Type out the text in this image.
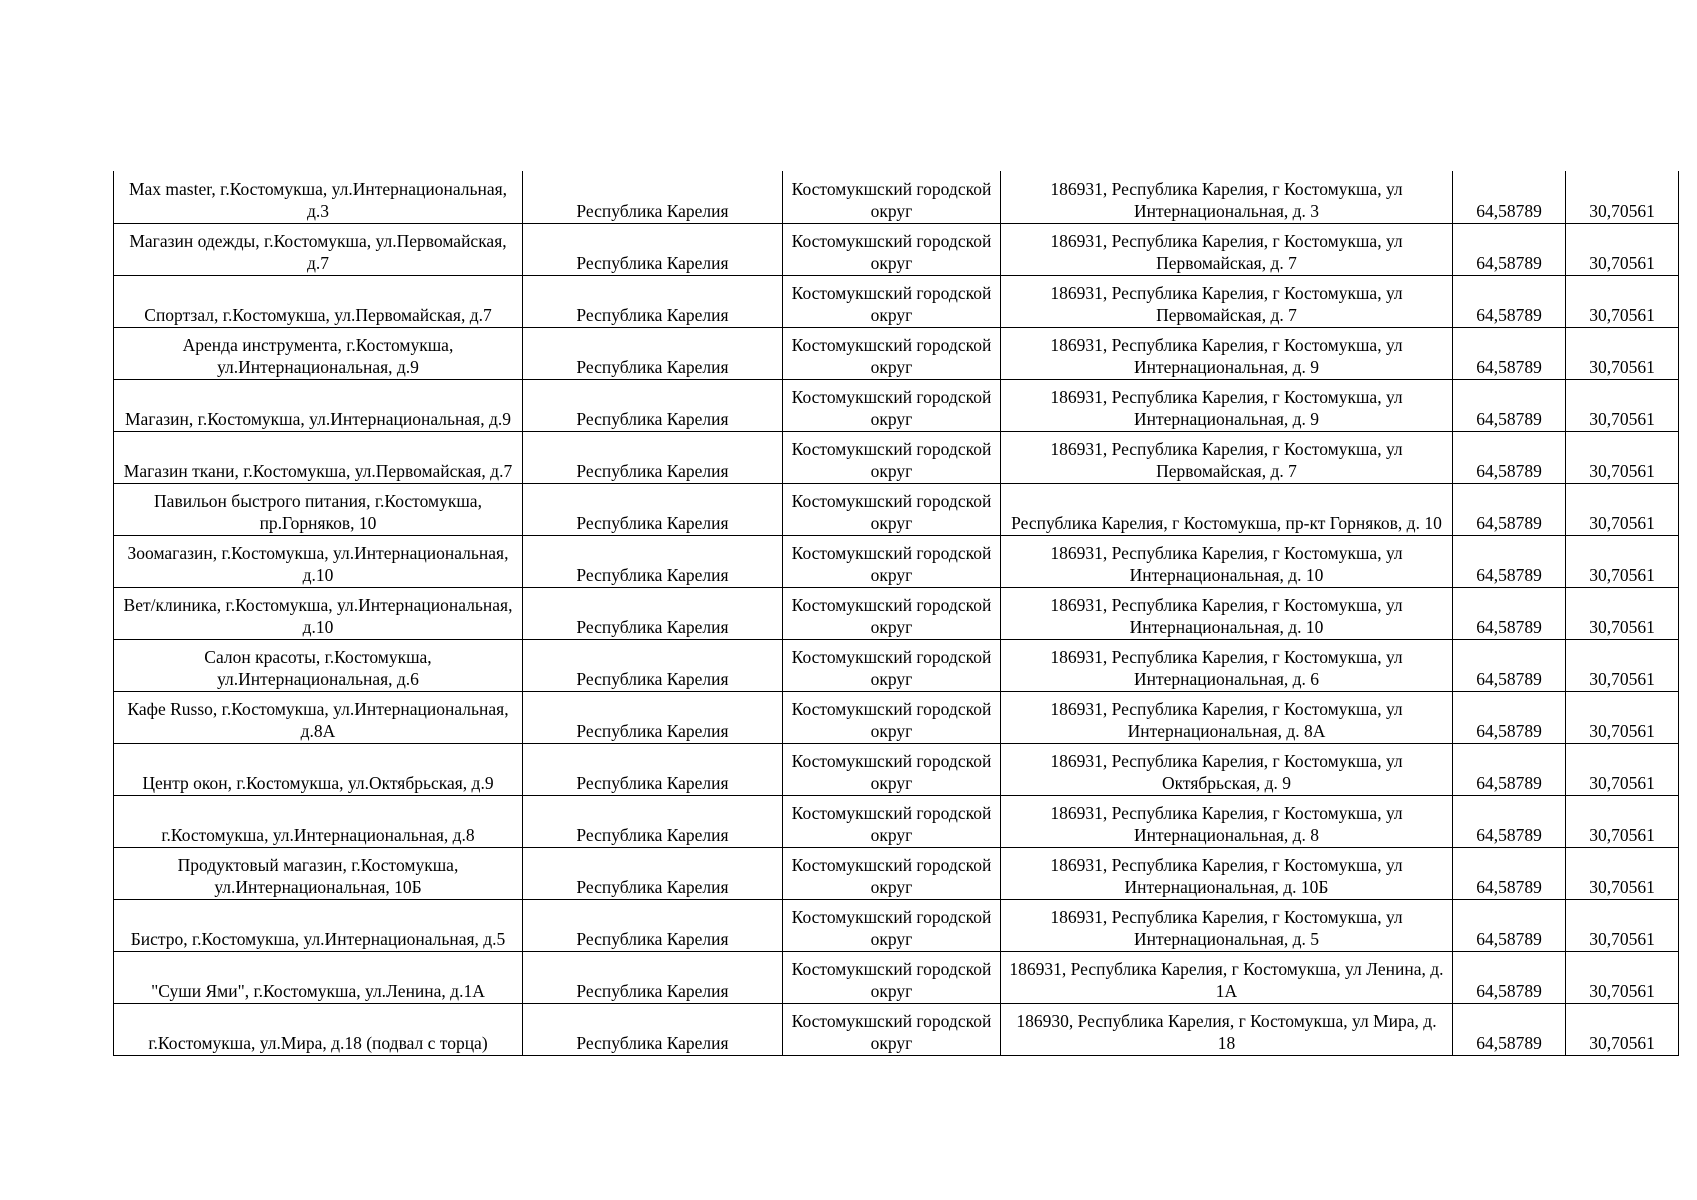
Max master, г.Костомукша, ул.Интернациональная, д.3	Республика Карелия	Костомукшский городской округ	186931, Республика Карелия, г Костомукша, ул Интернациональная, д. 3	64,58789	30,70561
Магазин одежды, г.Костомукша, ул.Первомайская, д.7	Республика Карелия	Костомукшский городской округ	186931, Республика Карелия, г Костомукша, ул Первомайская, д. 7	64,58789	30,70561
Спортзал, г.Костомукша, ул.Первомайская, д.7	Республика Карелия	Костомукшский городской округ	186931, Республика Карелия, г Костомукша, ул Первомайская, д. 7	64,58789	30,70561
Аренда инструмента, г.Костомукша, ул.Интернациональная, д.9	Республика Карелия	Костомукшский городской округ	186931, Республика Карелия, г Костомукша, ул Интернациональная, д. 9	64,58789	30,70561
Магазин, г.Костомукша, ул.Интернациональная, д.9	Республика Карелия	Костомукшский городской округ	186931, Республика Карелия, г Костомукша, ул Интернациональная, д. 9	64,58789	30,70561
Магазин ткани, г.Костомукша, ул.Первомайская, д.7	Республика Карелия	Костомукшский городской округ	186931, Республика Карелия, г Костомукша, ул Первомайская, д. 7	64,58789	30,70561
Павильон быстрого питания, г.Костомукша, пр.Горняков, 10	Республика Карелия	Костомукшский городской округ	Республика Карелия, г Костомукша, пр-кт Горняков, д. 10	64,58789	30,70561
Зоомагазин, г.Костомукша, ул.Интернациональная, д.10	Республика Карелия	Костомукшский городской округ	186931, Республика Карелия, г Костомукша, ул Интернациональная, д. 10	64,58789	30,70561
Вет/клиника, г.Костомукша, ул.Интернациональная, д.10	Республика Карелия	Костомукшский городской округ	186931, Республика Карелия, г Костомукша, ул Интернациональная, д. 10	64,58789	30,70561
Салон красоты, г.Костомукша, ул.Интернациональная, д.6	Республика Карелия	Костомукшский городской округ	186931, Республика Карелия, г Костомукша, ул Интернациональная, д. 6	64,58789	30,70561
Кафе Russo, г.Костомукша, ул.Интернациональная, д.8А	Республика Карелия	Костомукшский городской округ	186931, Республика Карелия, г Костомукша, ул Интернациональная, д. 8А	64,58789	30,70561
Центр окон, г.Костомукша, ул.Октябрьская, д.9	Республика Карелия	Костомукшский городской округ	186931, Республика Карелия, г Костомукша, ул Октябрьская, д. 9	64,58789	30,70561
г.Костомукша, ул.Интернациональная, д.8	Республика Карелия	Костомукшский городской округ	186931, Республика Карелия, г Костомукша, ул Интернациональная, д. 8	64,58789	30,70561
Продуктовый магазин, г.Костомукша, ул.Интернациональная, 10Б	Республика Карелия	Костомукшский городской округ	186931, Республика Карелия, г Костомукша, ул Интернациональная, д. 10Б	64,58789	30,70561
Бистро, г.Костомукша, ул.Интернациональная, д.5	Республика Карелия	Костомукшский городской округ	186931, Республика Карелия, г Костомукша, ул Интернациональная, д. 5	64,58789	30,70561
"Суши Ями", г.Костомукша, ул.Ленина, д.1А	Республика Карелия	Костомукшский городской округ	186931, Республика Карелия, г Костомукша, ул Ленина, д. 1А	64,58789	30,70561
г.Костомукша, ул.Мира, д.18 (подвал с торца)	Республика Карелия	Костомукшский городской округ	186930, Республика Карелия, г Костомукша, ул Мира, д. 18	64,58789	30,70561
